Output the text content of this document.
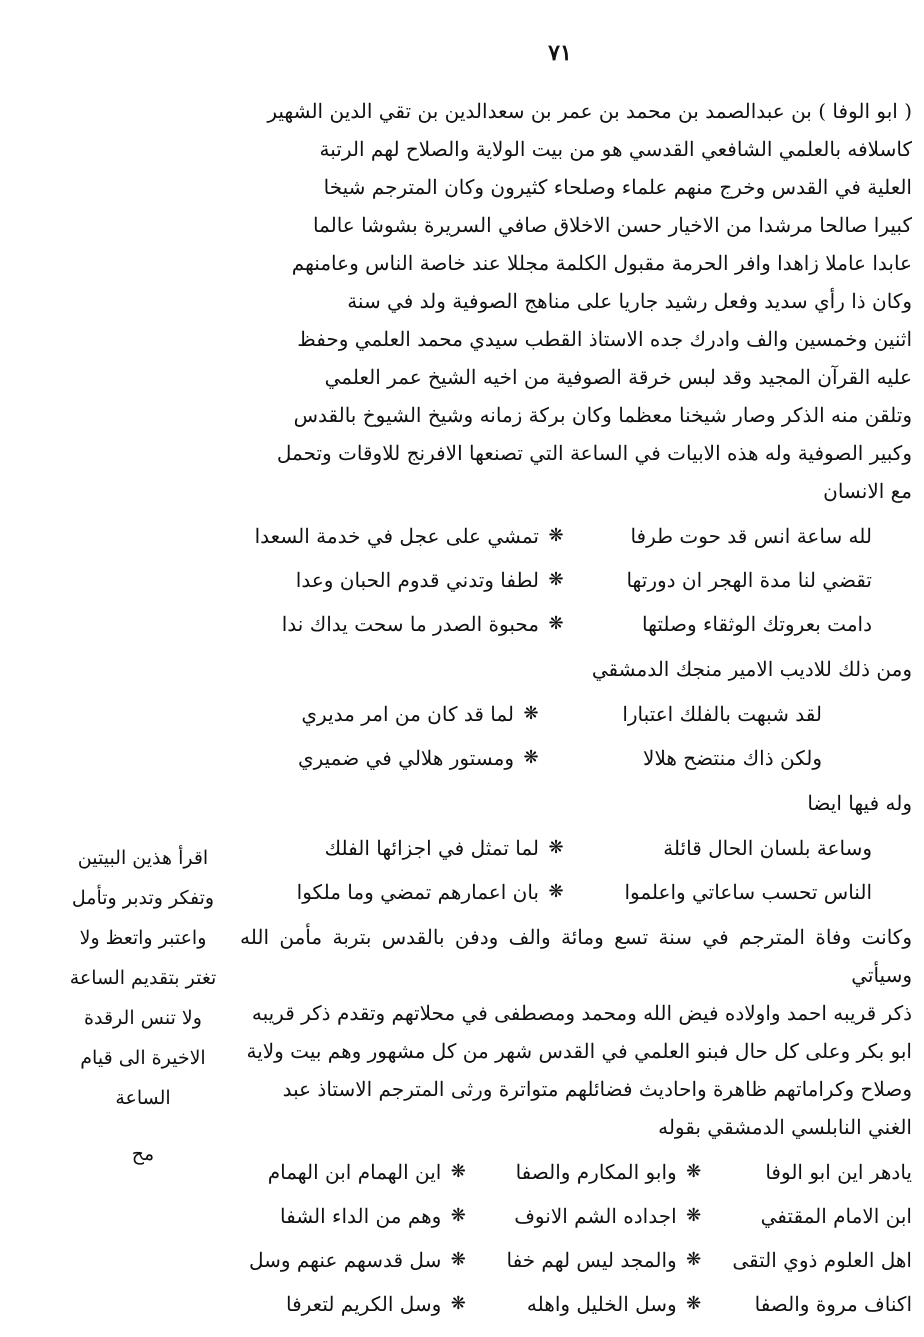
٧١

( ابو الوفا ) بن عبدالصمد بن محمد بن عمر بن سعدالدين بن تقي الدين الشهير

كاسلافه بالعلمي الشافعي القدسي هو من بيت الولاية والصلاح لهم الرتبة

العلية في القدس وخرج منهم علماء وصلحاء كثيرون وكان المترجم شيخا

كبيرا صالحا مرشدا من الاخيار حسن الاخلاق صافي السريرة بشوشا عالما

عابدا عاملا زاهدا وافر الحرمة مقبول الكلمة مجللا عند خاصة الناس وعامنهم

وكان ذا رأي سديد وفعل رشيد جاريا على مناهج الصوفية ولد في سنة

اثنين وخمسين والف وادرك جده الاستاذ القطب سيدي محمد العلمي وحفظ

عليه القرآن المجيد وقد لبس خرقة الصوفية من اخيه الشيخ عمر العلمي

وتلقن منه الذكر وصار شيخنا معظما وكان بركة زمانه وشيخ الشيوخ بالقدس

وكبير الصوفية وله هذه الابيات في الساعة التي تصنعها الافرنج للاوقات وتحمل

مع الانسان

لله ساعة انس قد حوت طرفا
❋
تمشي على عجل في خدمة السعدا
تقضي لنا مدة الهجر ان دورتها
❋
لطفا وتدني قدوم الحبان وعدا
دامت بعروتك الوثقاء وصلتها
❋
محبوة الصدر ما سحت يداك ندا

ومن ذلك للاديب الامير منجك الدمشقي

لقد شبهت بالفلك اعتبارا
❋
لما قد كان من امر مديري
ولكن ذاك منتضح هلالا
❋
ومستور هلالي في ضميري

وله فيها ايضا

وساعة بلسان الحال قائلة
❋
لما تمثل في اجزائها الفلك
الناس تحسب ساعاتي واعلموا
❋
بان اعمارهم تمضي وما ملكوا

وكانت وفاة المترجم في سنة تسع ومائة والف ودفن بالقدس بتربة مأمن الله وسيأتي

ذكر قريبه احمد واولاده فيض الله ومحمد ومصطفى في محلاتهم وتقدم ذكر قريبه

ابو بكر وعلى كل حال فبنو العلمي في القدس شهر من كل مشهور وهم بيت ولاية

وصلاح وكراماتهم ظاهرة واحاديث فضائلهم متواترة ورثى المترجم الاستاذ عبد

الغني النابلسي الدمشقي بقوله

يادهر اين ابو الوفا
❋
وابو المكارم والصفا
❋
اين الهمام ابن الهمام
ابن الامام المقتفي
❋
اجداده الشم الانوف
❋
وهم من الداء الشفا
اهل العلوم ذوي التقى
❋
والمجد ليس لهم خفا
❋
سل قدسهم عنهم وسل
اكناف مروة والصفا
❋
وسل الخليل واهله
❋
وسل الكريم لتعرفا

اقرأ هذين البيتين

وتفكر وتدبر وتأمل

واعتبر واتعظ ولا

تغتر بتقديم الساعة

ولا تنس الرقدة

الاخيرة الى قيام

الساعة

مح
